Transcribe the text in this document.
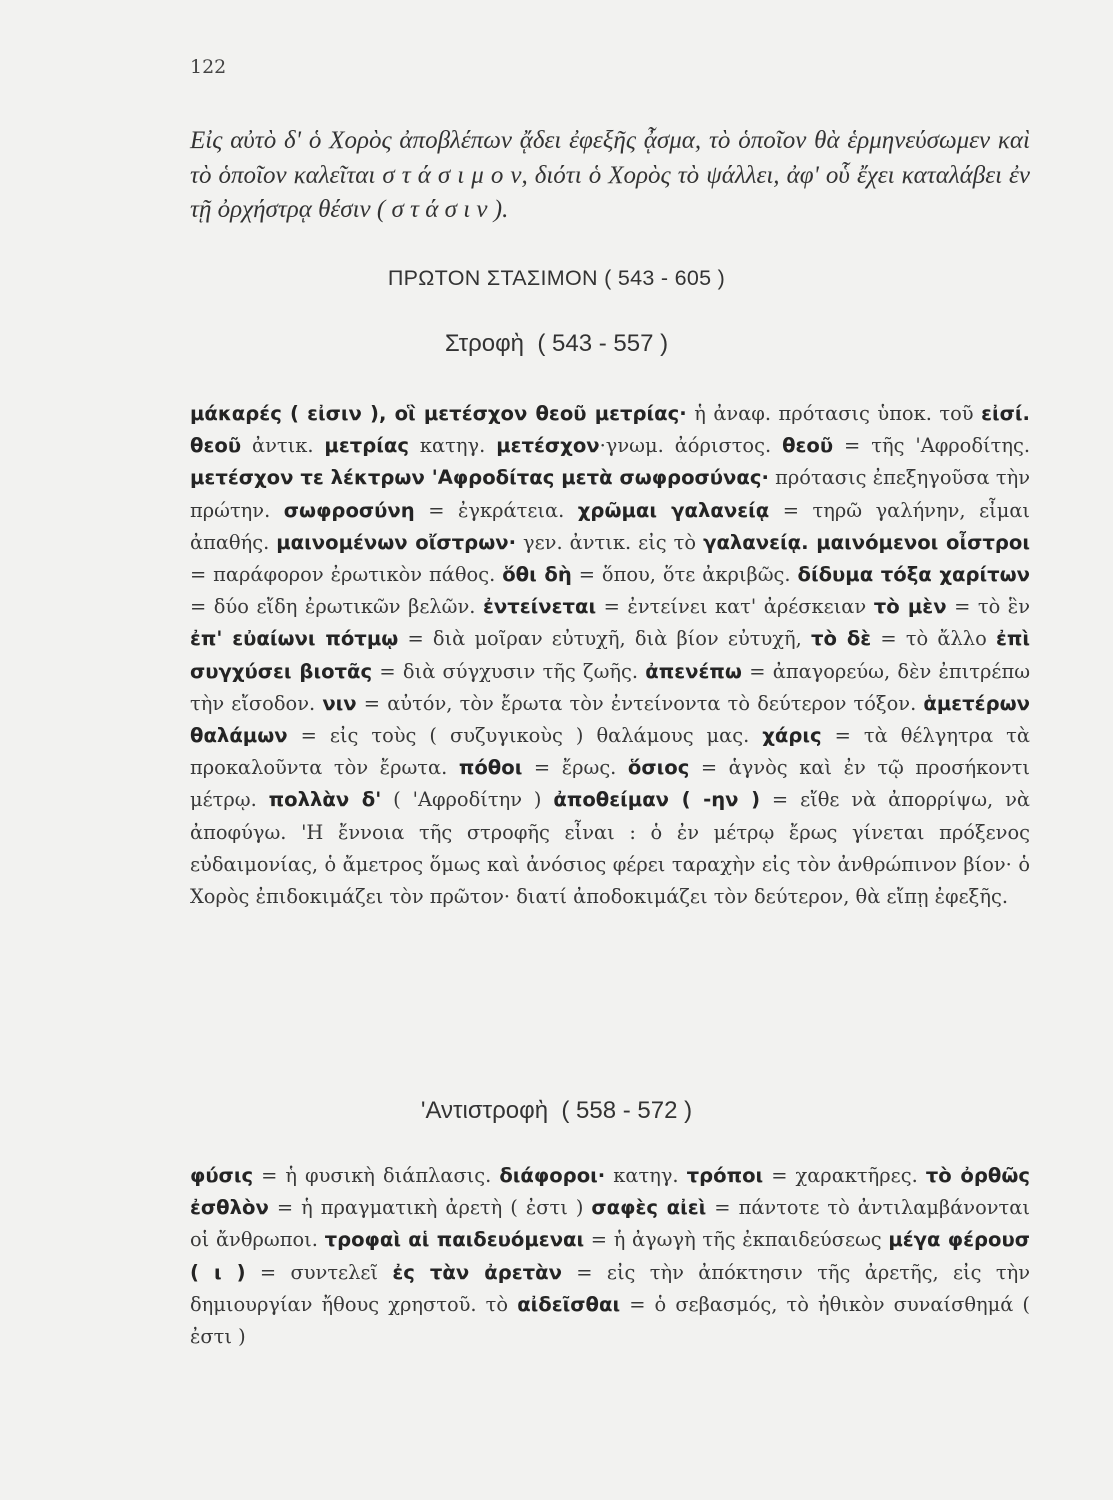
122
Εἰς αὐτὸ δ' ὁ Χορὸς ἀποβλέπων ᾄδει ἐφεξῆς ᾆσμα, τὸ ὁποῖον θὰ ἑρμηνεύσωμεν καὶ τὸ ὁποῖον καλεῖται σ τ ά σ ι μ ο ν, διότι ὁ Χορὸς τὸ ψάλλει, ἀφ' οὗ ἔχει καταλάβει ἐν τῇ ὀρχήστρᾳ θέσιν ( σ τ ά σ ι ν ).
ΠΡΩΤΟΝ ΣΤΑΣΙΜΟΝ ( 543 - 605 )
Στροφὴ  ( 543 - 557 )
μάκαρές ( εἰσιν ), οἳ μετέσχον θεοῦ μετρίας· ἡ ἀναφ. πρότασις ὑποκ. τοῦ εἰσί. θεοῦ ἀντικ. μετρίας κατηγ. μετέσχον·γνωμ. ἀόριστος. θεοῦ = τῆς 'Αφροδίτης. μετέσχον τε λέκτρων 'Αφροδίτας μετὰ σωφροσύνας· πρότασις ἐπεξηγοῦσα τὴν πρώτην. σωφροσύνη = ἐγκράτεια. χρῶμαι γαλανείᾳ = τηρῶ γαλήνην, εἶμαι ἀπαθής. μαινομένων οἴστρων· γεν. ἀντικ. εἰς τὸ γαλανείᾳ. μαινόμενοι οἶστροι = παράφορον ἐρωτικὸν πάθος. ὅθι δὴ = ὅπου, ὅτε ἀκριβῶς. δίδυμα τόξα χαρίτων = δύο εἴδη ἐρωτικῶν βελῶν. ἐντείνεται = ἐντείνει κατ' ἀρέσκειαν τὸ μὲν = τὸ ἓν ἐπ' εὐαίωνι πότμῳ = διὰ μοῖραν εὐτυχῆ, διὰ βίον εὐτυχῆ, τὸ δὲ = τὸ ἄλλο ἐπὶ συγχύσει βιοτᾶς = διὰ σύγχυσιν τῆς ζωῆς. ἀπενέπω = ἀπαγορεύω, δὲν ἐπιτρέπω τὴν εἴσοδον. νιν = αὐτόν, τὸν ἔρωτα τὸν ἐντείνοντα τὸ δεύτερον τόξον. ἁμετέρων θαλάμων = εἰς τοὺς ( συζυγικοὺς ) θαλάμους μας. χάρις = τὰ θέλγητρα τὰ προκαλοῦντα τὸν ἔρωτα. πόθοι = ἔρως. ὅσιος = ἁγνὸς καὶ ἐν τῷ προσήκοντι μέτρῳ. πολλὰν δ' ( 'Αφροδίτην ) ἀποθείμαν ( -ην ) = εἴθε νὰ ἀπορρίψω, νὰ ἀποφύγω. 'Η ἔννοια τῆς στροφῆς εἶναι : ὁ ἐν μέτρῳ ἔρως γίνεται πρόξενος εὐδαιμονίας, ὁ ἄμετρος ὅμως καὶ ἀνόσιος φέρει ταραχὴν εἰς τὸν ἀνθρώπινον βίον· ὁ Χορὸς ἐπιδοκιμάζει τὸν πρῶτον· διατί ἀποδοκιμάζει τὸν δεύτερον, θὰ εἴπῃ ἐφεξῆς.
'Αντιστροφὴ  ( 558 - 572 )
φύσις = ἡ φυσικὴ διάπλασις. διάφοροι· κατηγ. τρόποι = χαρακτῆρες. τὸ ὀρθῶς ἐσθλὸν = ἡ πραγματικὴ ἀρετὴ ( ἐστι ) σαφὲς αἰεὶ = πάντοτε τὸ ἀντιλαμβάνονται οἱ ἄνθρωποι. τροφαὶ αἱ παιδευόμεναι = ἡ ἀγωγὴ τῆς ἐκπαιδεύσεως μέγα φέρουσ ( ι ) = συντελεῖ ἐς τὰν ἀρετὰν = εἰς τὴν ἀπόκτησιν τῆς ἀρετῆς, εἰς τὴν δημιουργίαν ἤθους χρηστοῦ. τὸ αἰδεῖσθαι = ὁ σεβασμός, τὸ ἠθικὸν συναίσθημά ( ἐστι )
